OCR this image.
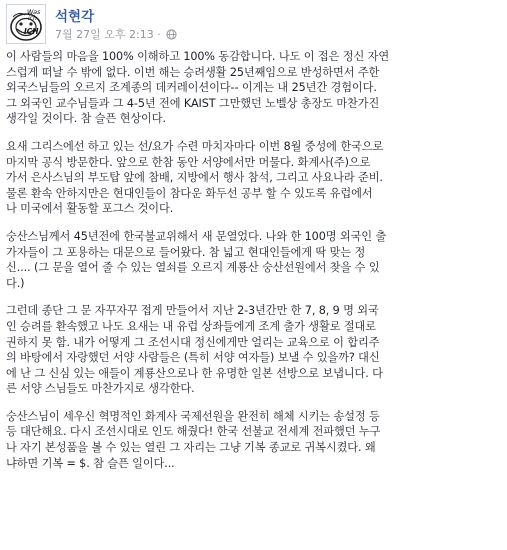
Was
ich
ICH
석현각
7월 27일 오후 2:13 ·

이 사람들의 마음을 100% 이해하고 100% 동감합니다. 나도 이 접은 정신 자연
스럽게 떠날 수 밖에 없다. 이번 해는 승려생활 25년째임으로 반성하면서 주한
외국스님들의 오르지 조계종의 데커레이션이다-- 이게는 내 25년간 경험이다.
그 외국인 교수님들과 그 4-5년 전에 KAIST 그만했던 노벨상 총장도 마찬가진
생각일 것이다. 참 슬픈 현상이다.

요새 그리스에선 하고 있는 선/요가 수련 마치자마다 이번 8월 중성에 한국으로
마지막 공식 방문한다. 앞으로 한참 동안 서양에서만 머물다. 화계사(주)으로
가서 은사스님의 부도탑 앞에 참배, 지방에서 행사 참석, 그리고 사요나라 준비.
물론 환속 안하지만은 현대인들이 참다운 화두선 공부 할 수 있도록 유럽에서
나 미국에서 활동할 포그스 것이다.

숭산스님께서 45년전에 한국불교위해서 새 문열었다. 나와 한 100명 외국인 출
가자들이 그 포용하는 대문으로 들어왔다. 참 넓고 현대인들에게 딱 맞는 정
신.... (그 문을 열어 줄 수 있는 열쇠를 오르지 계룡산 숭산선원에서 찾을 수 있
다.)

그런데 종단 그 문 자꾸자꾸 접게 만들어서 지난 2-3년간만 한 7, 8, 9 명 외국
인 승려를 환속했고 나도 요새는 내 유럽 상좌들에게 조계 출가 생활로 절대로
권하지 못 함. 내가 어떻게 그 조선시대 정신에게만 얼리는 교육으로 이 합리주
의 바탕에서 자랑했던 서양 사람들은 (특히 서양 여자들) 보낼 수 있을까? 대신
에 난 그 신심 있는 애들이 계룡산으로나 한 유명한 일본 선방으로 보냅니다. 다
른 서양 스님들도 마찬가지로 생각한다.

숭산스님이 세우신 혁명적인 화계사 국제선원을 완전히 해체 시키는 송설정 등
등 대단해요. 다시 조선시대로 인도 해줬다! 한국 선불교 전세계 전파했던 누구
나 자기 본성품을 볼 수 있는 열린 그 자리는 그냥 기복 종교로 귀복시켰다. 왜
냐하면 기복 = $. 참 슬픈 일이다...
